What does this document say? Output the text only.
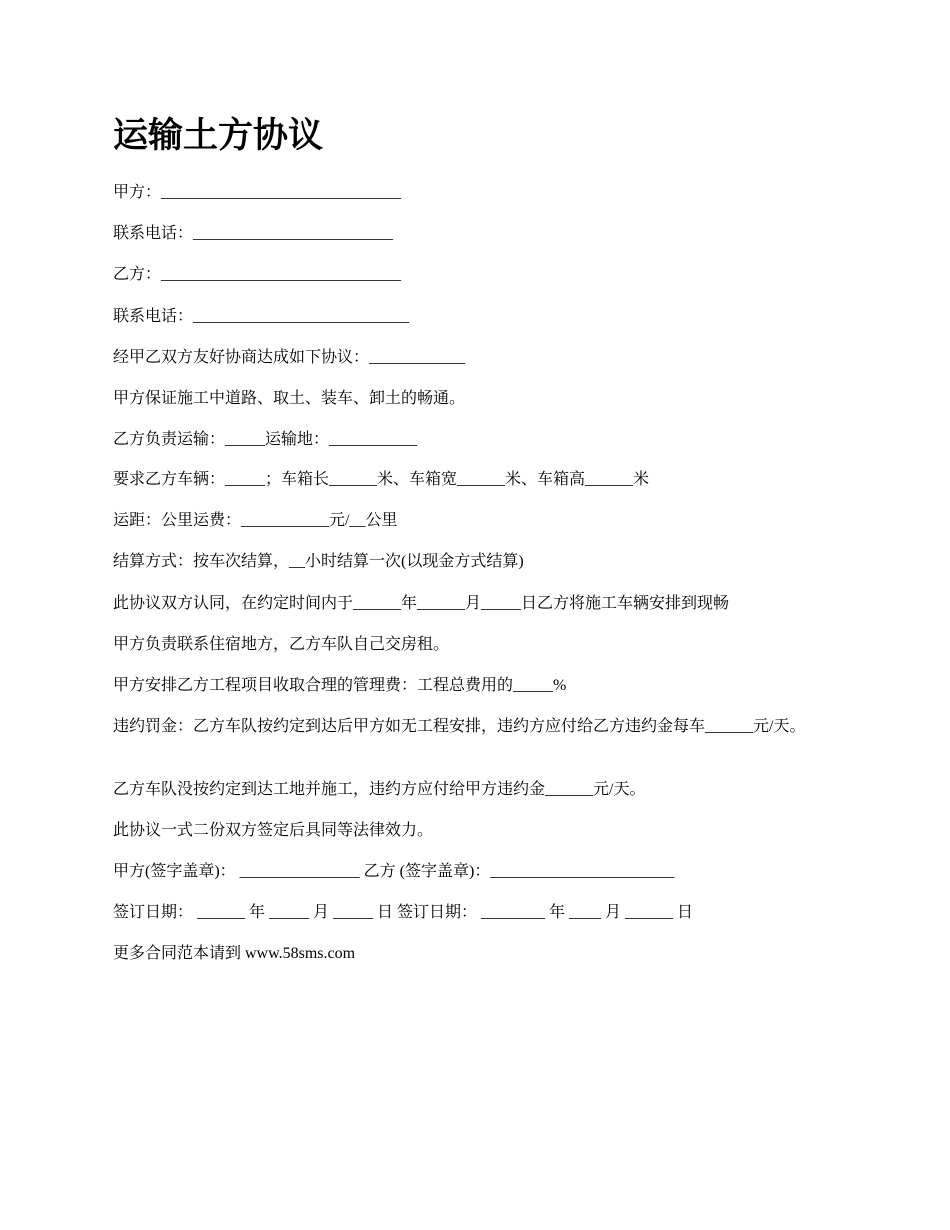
运输土方协议

甲方：______________________________

联系电话：_________________________

乙方：______________________________

联系电话：___________________________

经甲乙双方友好协商达成如下协议：____________

甲方保证施工中道路、取土、装车、卸土的畅通。

乙方负责运输：_____运输地：___________

要求乙方车辆：_____；车箱长______米、车箱宽______米、车箱高______米

运距：公里运费：___________元/__公里

结算方式：按车次结算，__小时结算一次(以现金方式结算)

此协议双方认同，在约定时间内于______年______月_____日乙方将施工车辆安排到现畅

甲方负责联系住宿地方，乙方车队自己交房租。

甲方安排乙方工程项目收取合理的管理费：工程总费用的_____%

违约罚金：乙方车队按约定到达后甲方如无工程安排，违约方应付给乙方违约金每车______元/天。

乙方车队没按约定到达工地并施工，违约方应付给甲方违约金______元/天。

此协议一式二份双方签定后具同等法律效力。

甲方(签字盖章)： _______________ 乙方 (签字盖章)：_______________________

签订日期： ______ 年 _____ 月 _____ 日 签订日期： ________ 年 ____ 月 ______ 日

更多合同范本请到 www.58sms.com
